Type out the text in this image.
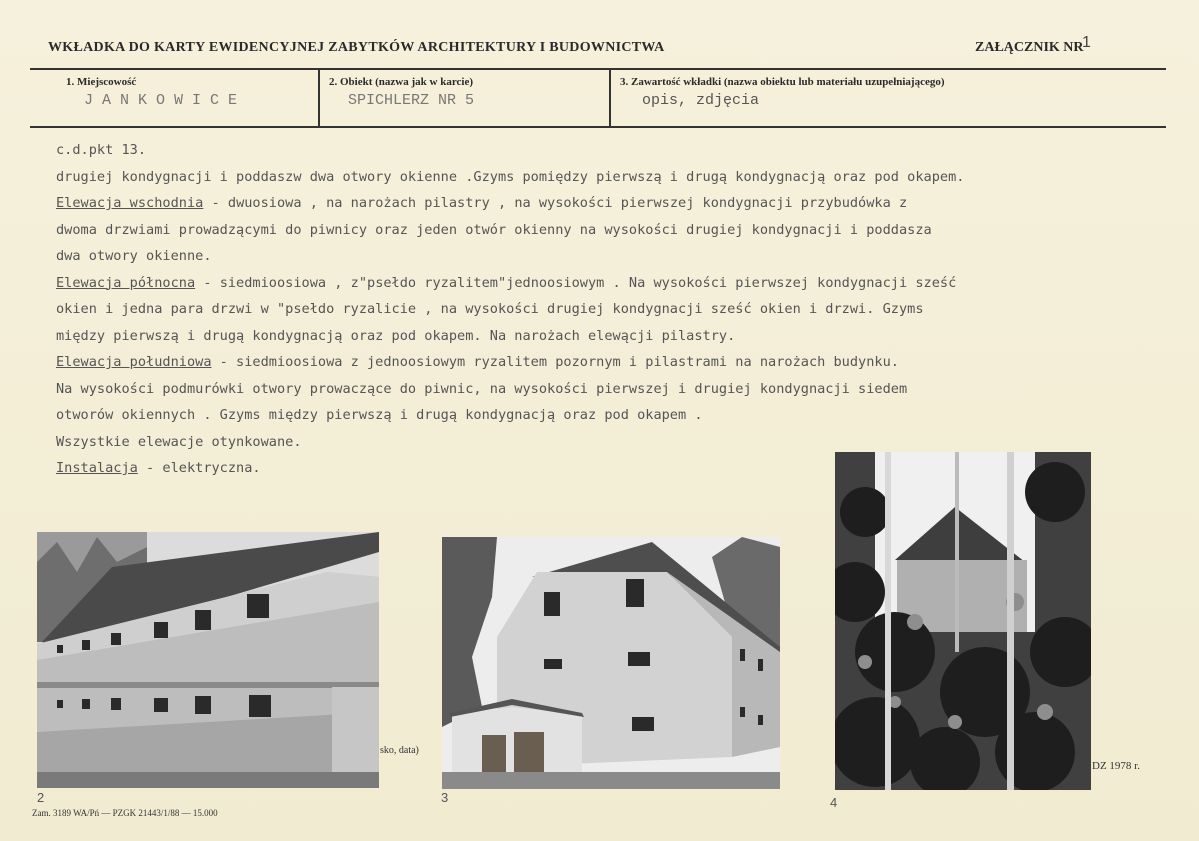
WKŁADKA DO KARTY EWIDENCYJNEJ ZABYTKÓW ARCHITEKTURY I BUDOWNICTWA	ZAŁĄCZNIK NR
1
1. Miejscowość
JANKOWICE
2. Obiekt (nazwa jak w karcie)
SPICHLERZ NR 5
3. Zawartość wkładki (nazwa obiektu lub materiału uzupełniającego)
opis, zdjęcia
c.d.pkt 13.
drugiej kondygnacji i poddaszw dwa otwory okienne .Gzyms pomiędzy pierwszą i drugą kondygnacją oraz pod okapem.
Elewacja wschodnia - dwuosiowa , na narożach pilastry , na wysokości pierwszej kondygnacji przybudówka z
dwoma drzwiami prowadzącymi do piwnicy oraz jeden otwór okienny na wysokości drugiej kondygnacji i poddasza
dwa otwory okienne.
Elewacja północna - siedmioosiowa , z"psełdo ryzalitem"jednoosiowym . Na wysokości pierwszej kondygnacji sześć
okien i jedna para drzwi w "psełdo ryzalicie , na wysokości drugiej kondygnacji sześć okien i drzwi. Gzyms
między pierwszą i drugą kondygnacją oraz pod okapem. Na narożach elewącji pilastry.
Elewacja południowa - siedmioosiowa z jednoosiowym ryzalitem pozornym i pilastrami na narożach budynku.
Na wysokości podmurówki otwory prowaczące do piwnic, na wysokości pierwszej i drugiej kondygnacji siedem
otworów okiennych . Gzyms między pierwszą i drugą kondygnacją oraz pod okapem .
Wszystkie elewacje otynkowane.
Instalacja - elektryczna.
sko, data)
2	3
DZ 1978 r.
4
Zam. 3189 WA/Pń — PZGK 21443/1/88 — 15.000
